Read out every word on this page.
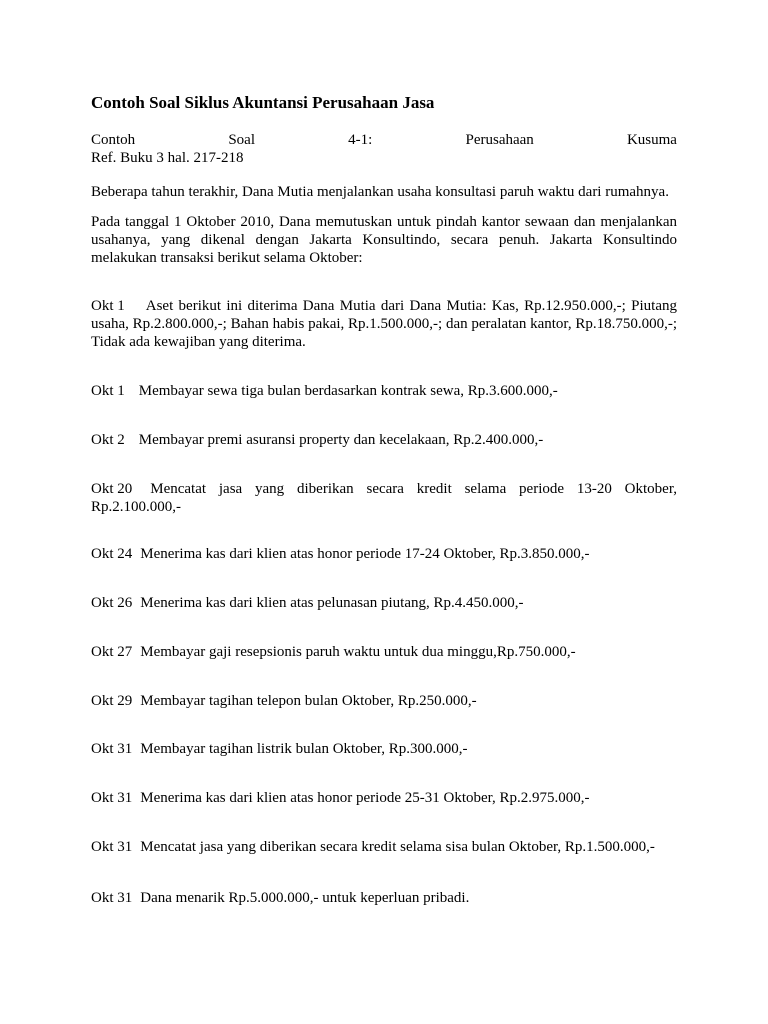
Contoh Soal Siklus Akuntansi Perusahaan Jasa
Contoh	Soal	4-1:	Perusahaan	Kusuma
Ref. Buku 3 hal. 217-218

Beberapa tahun terakhir, Dana Mutia menjalankan usaha konsultasi paruh waktu dari rumahnya.

Pada tanggal 1 Oktober 2010, Dana memutuskan untuk pindah kantor sewaan dan menjalankan usahanya, yang dikenal dengan Jakarta Konsultindo, secara penuh. Jakarta Konsultindo melakukan transaksi berikut selama Oktober:

Okt 1 Aset berikut ini diterima Dana Mutia dari Dana Mutia: Kas, Rp.12.950.000,-; Piutang usaha, Rp.2.800.000,-; Bahan habis pakai, Rp.1.500.000,-; dan peralatan kantor, Rp.18.750.000,-; Tidak ada kewajiban yang diterima.

Okt 1 Membayar sewa tiga bulan berdasarkan kontrak sewa, Rp.3.600.000,-

Okt 2 Membayar premi asuransi property dan kecelakaan, Rp.2.400.000,-

Okt 20 Mencatat jasa yang diberikan secara kredit selama periode 13-20 Oktober, Rp.2.100.000,-

Okt 24 Menerima kas dari klien atas honor periode 17-24 Oktober, Rp.3.850.000,-

Okt 26 Menerima kas dari klien atas pelunasan piutang, Rp.4.450.000,-

Okt 27 Membayar gaji resepsionis paruh waktu untuk dua minggu,Rp.750.000,-

Okt 29 Membayar tagihan telepon bulan Oktober, Rp.250.000,-

Okt 31 Membayar tagihan listrik bulan Oktober, Rp.300.000,-

Okt 31 Menerima kas dari klien atas honor periode 25-31 Oktober, Rp.2.975.000,-

Okt 31 Mencatat jasa yang diberikan secara kredit selama sisa bulan Oktober, Rp.1.500.000,-

Okt 31 Dana menarik Rp.5.000.000,- untuk keperluan pribadi.
